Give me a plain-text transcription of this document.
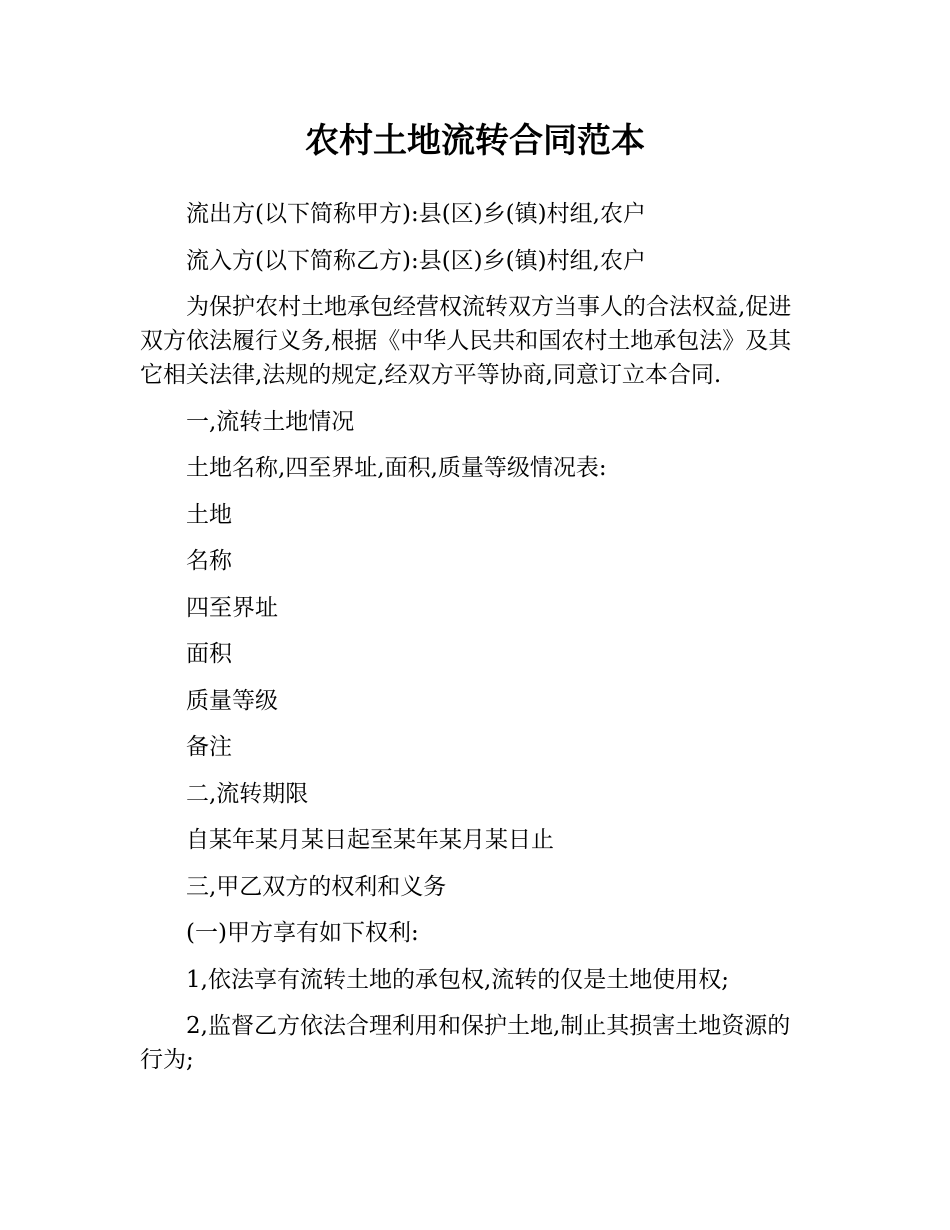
农村土地流转合同范本

流出方(以下简称甲方):县(区)乡(镇)村组,农户

流入方(以下简称乙方):县(区)乡(镇)村组,农户

为保护农村土地承包经营权流转双方当事人的合法权益,促进双方依法履行义务,根据《中华人民共和国农村土地承包法》及其它相关法律,法规的规定,经双方平等协商,同意订立本合同.

一,流转土地情况

土地名称,四至界址,面积,质量等级情况表:

土地

名称

四至界址

面积

质量等级

备注

二,流转期限

自某年某月某日起至某年某月某日止

三,甲乙双方的权利和义务

(一)甲方享有如下权利:

1,依法享有流转土地的承包权,流转的仅是土地使用权;

2,监督乙方依法合理利用和保护土地,制止其损害土地资源的行为;
